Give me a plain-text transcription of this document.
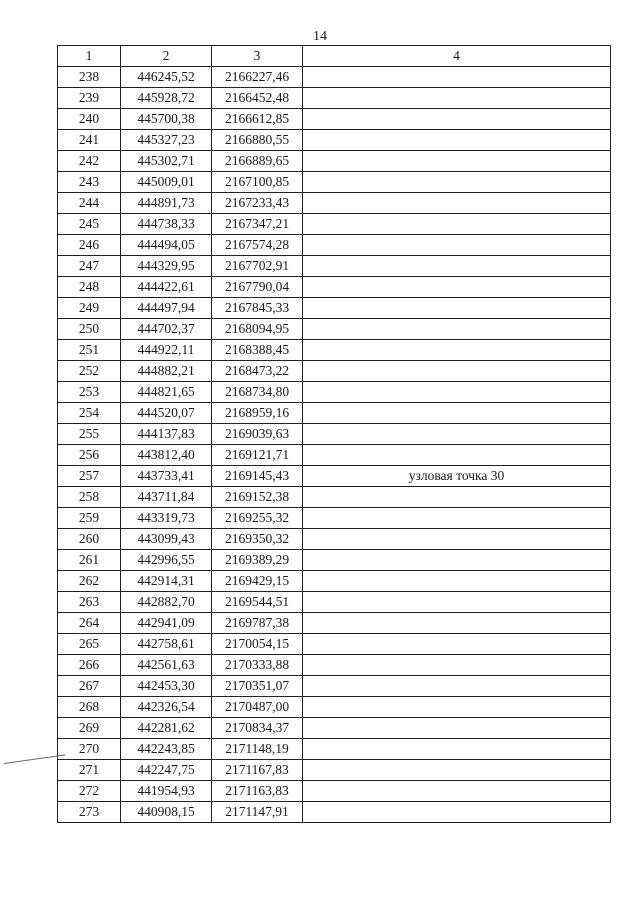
14
1	2	3	4
238	446245,52	2166227,46	
239	445928,72	2166452,48	
240	445700,38	2166612,85	
241	445327,23	2166880,55	
242	445302,71	2166889,65	
243	445009,01	2167100,85	
244	444891,73	2167233,43	
245	444738,33	2167347,21	
246	444494,05	2167574,28	
247	444329,95	2167702,91	
248	444422,61	2167790,04	
249	444497,94	2167845,33	
250	444702,37	2168094,95	
251	444922,11	2168388,45	
252	444882,21	2168473,22	
253	444821,65	2168734,80	
254	444520,07	2168959,16	
255	444137,83	2169039,63	
256	443812,40	2169121,71	
257	443733,41	2169145,43	узловая точка 30
258	443711,84	2169152,38	
259	443319,73	2169255,32	
260	443099,43	2169350,32	
261	442996,55	2169389,29	
262	442914,31	2169429,15	
263	442882,70	2169544,51	
264	442941,09	2169787,38	
265	442758,61	2170054,15	
266	442561,63	2170333,88	
267	442453,30	2170351,07	
268	442326,54	2170487,00	
269	442281,62	2170834,37	
270	442243,85	2171148,19	
271	442247,75	2171167,83	
272	441954,93	2171163,83	
273	440908,15	2171147,91	
